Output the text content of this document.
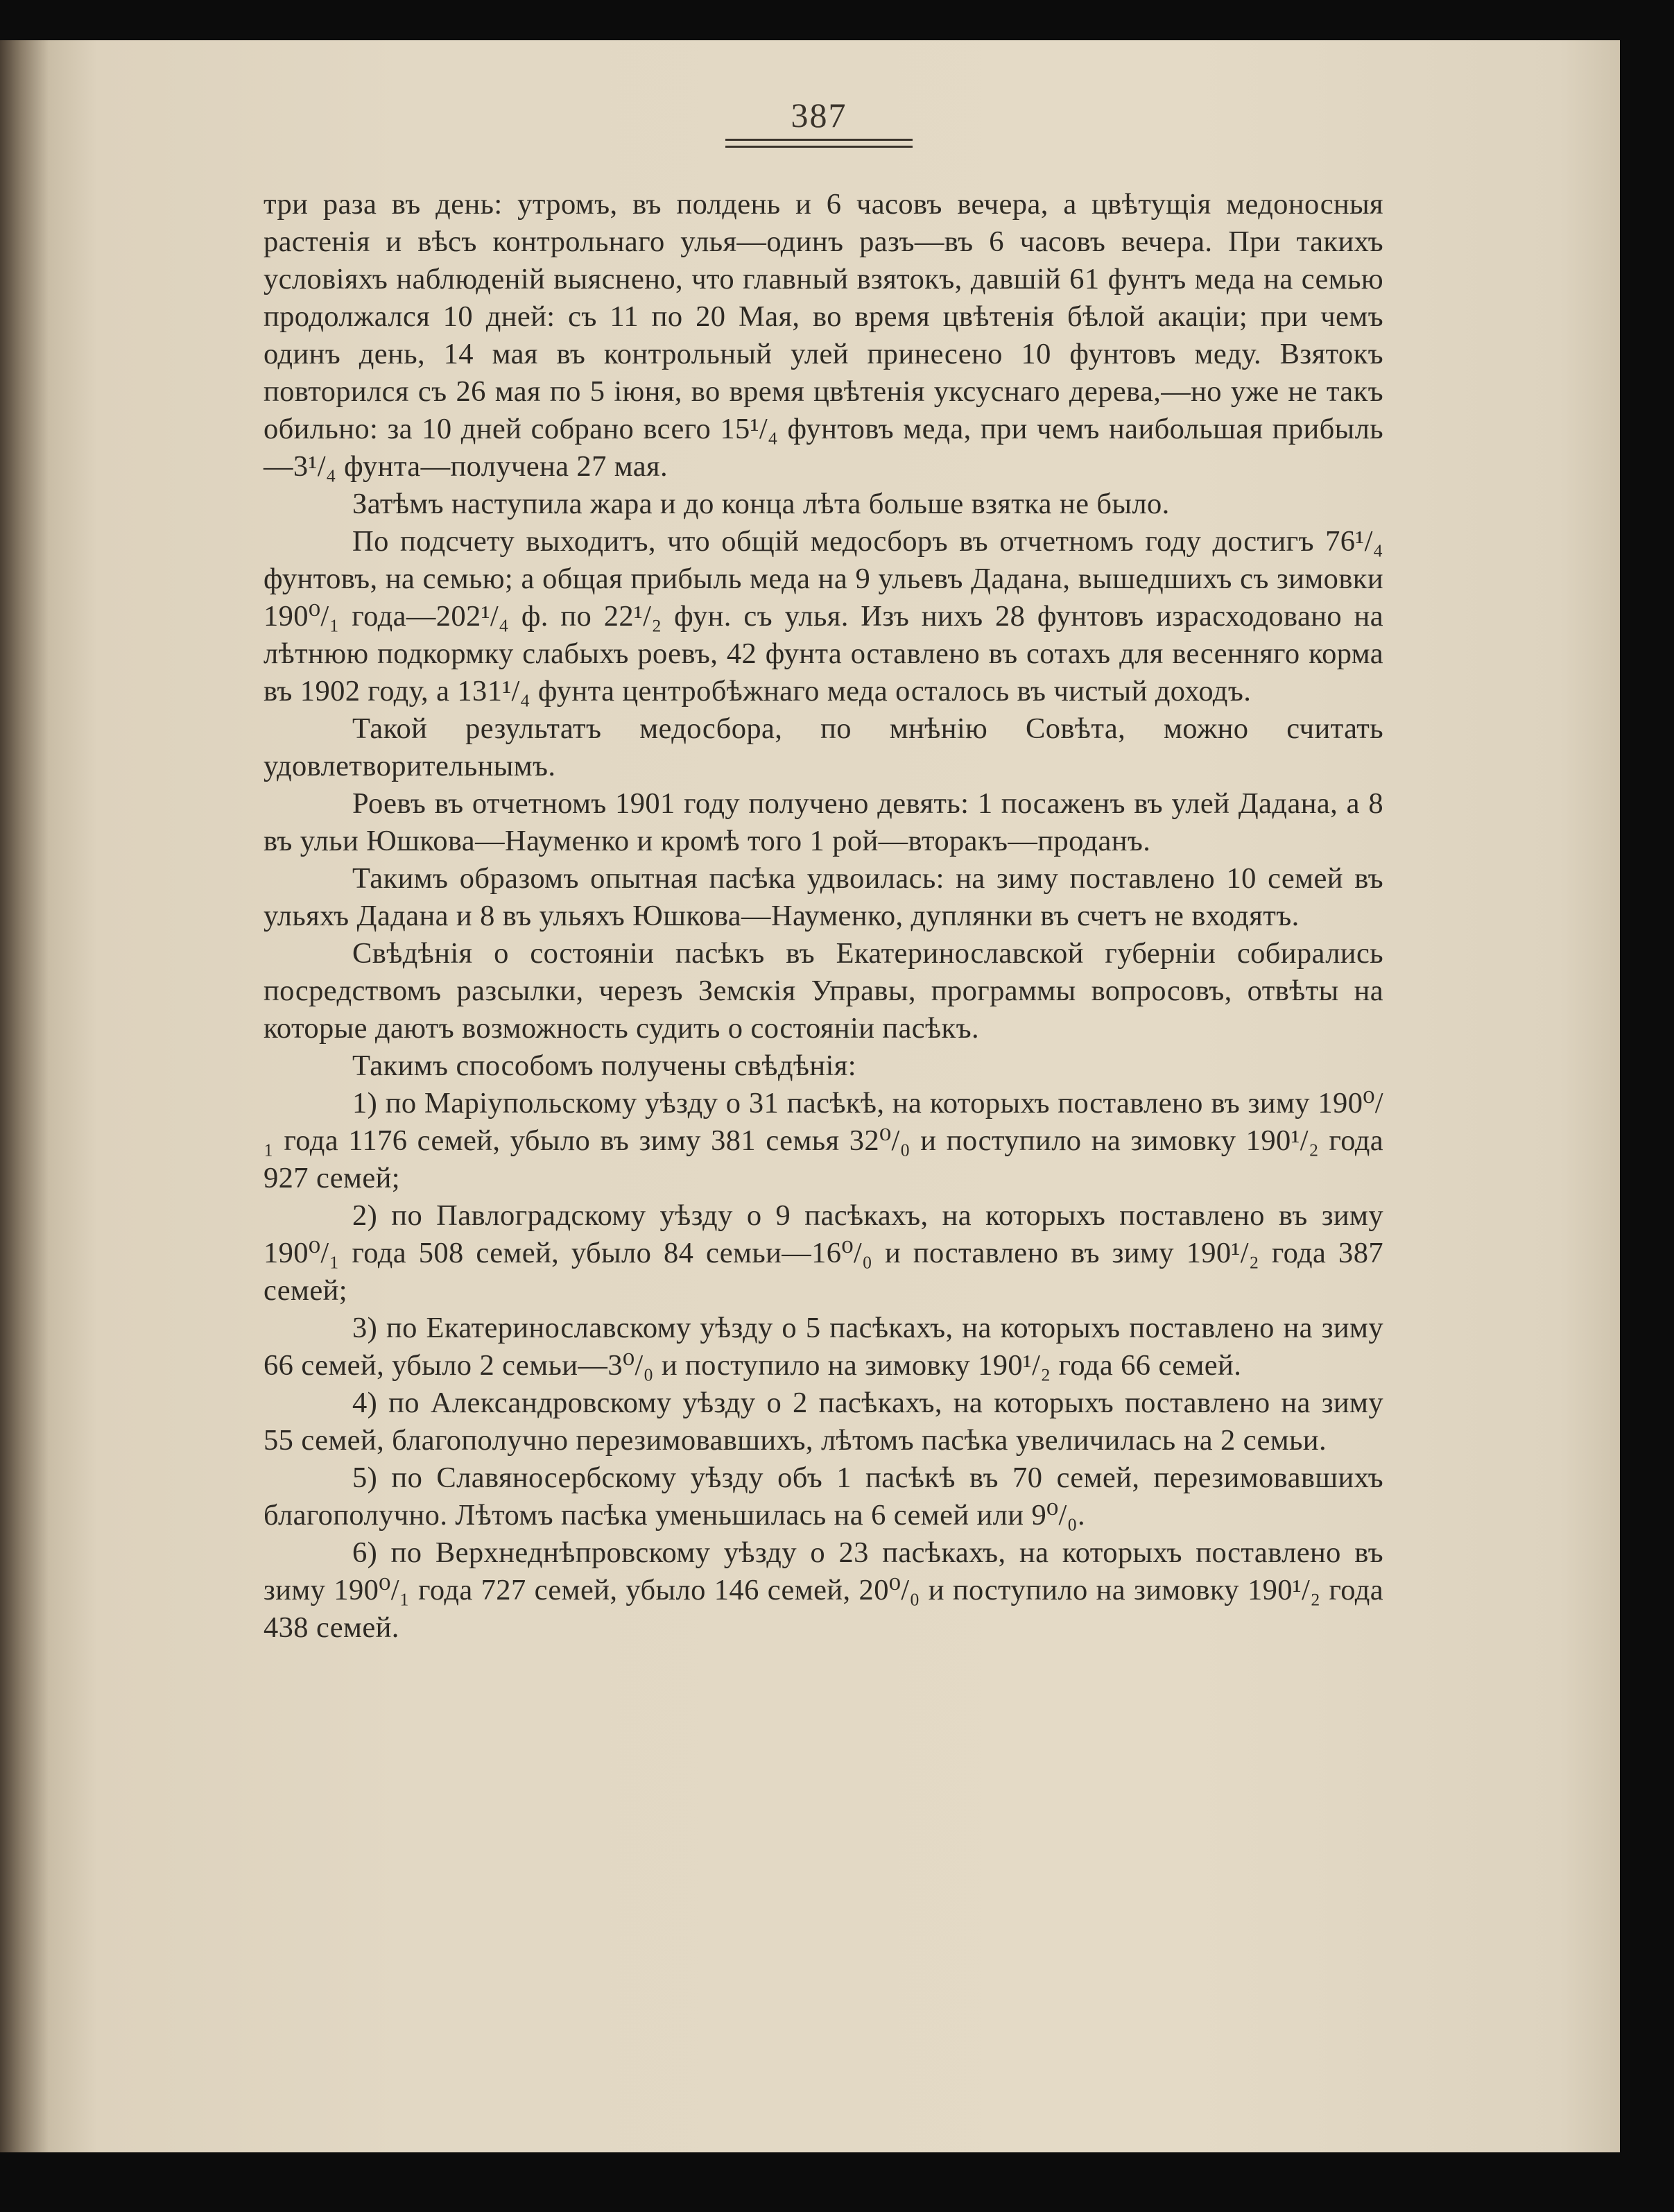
387

три раза въ день: утромъ, въ полдень и 6 часовъ вечера, а цвѣтущія медоносныя растенія и вѣсъ контрольнаго улья—одинъ разъ—въ 6 часовъ вечера. При такихъ условіяхъ наблюденій выяснено, что главный взятокъ, давшій 61 фунтъ меда на семью продолжался 10 дней: съ 11 по 20 Мая, во время цвѣтенія бѣлой акаціи; при чемъ одинъ день, 14 мая въ контрольный улей принесено 10 фунтовъ меду. Взятокъ повторился съ 26 мая по 5 іюня, во время цвѣтенія уксуснаго дерева,—но уже не такъ обильно: за 10 дней собрано всего 15¹/₄ фунтовъ меда, при чемъ наибольшая прибыль—3¹/₄ фунта—получена 27 мая.

Затѣмъ наступила жара и до конца лѣта больше взятка не было.

По подсчету выходитъ, что общій медосборъ въ отчетномъ году достигъ 76¹/₄ фунтовъ, на семью; а общая прибыль меда на 9 ульевъ Дадана, вышедшихъ съ зимовки 190⁰/₁ года—202¹/₄ ф. по 22¹/₂ фун. съ улья. Изъ нихъ 28 фунтовъ израсходовано на лѣтнюю подкормку слабыхъ роевъ, 42 фунта оставлено въ сотахъ для весенняго корма въ 1902 году, а 131¹/₄ фунта центробѣжнаго меда осталось въ чистый доходъ.

Такой результатъ медосбора, по мнѣнію Совѣта, можно считать удовлетворительнымъ.

Роевъ въ отчетномъ 1901 году получено девять: 1 посаженъ въ улей Дадана, а 8 въ ульи Юшкова—Науменко и кромѣ того 1 рой—вторакъ—проданъ.

Такимъ образомъ опытная пасѣка удвоилась: на зиму поставлено 10 семей въ ульяхъ Дадана и 8 въ ульяхъ Юшкова—Науменко, дуплянки въ счетъ не входятъ.

Свѣдѣнія о состояніи пасѣкъ въ Екатеринославской губерніи собирались посредствомъ разсылки, черезъ Земскія Управы, программы вопросовъ, отвѣты на которые даютъ возможность судить о состояніи пасѣкъ.

Такимъ способомъ получены свѣдѣнія:

1) по Маріупольскому уѣзду о 31 пасѣкѣ, на которыхъ поставлено въ зиму 190⁰/₁ года 1176 семей, убыло въ зиму 381 семья 32⁰/₀ и поступило на зимовку 190¹/₂ года 927 семей;

2) по Павлоградскому уѣзду о 9 пасѣкахъ, на которыхъ поставлено въ зиму 190⁰/₁ года 508 семей, убыло 84 семьи—16⁰/₀ и поставлено въ зиму 190¹/₂ года 387 семей;

3) по Екатеринославскому уѣзду о 5 пасѣкахъ, на которыхъ поставлено на зиму 66 семей, убыло 2 семьи—3⁰/₀ и поступило на зимовку 190¹/₂ года 66 семей.

4) по Александровскому уѣзду о 2 пасѣкахъ, на которыхъ поставлено на зиму 55 семей, благополучно перезимовавшихъ, лѣтомъ пасѣка увеличилась на 2 семьи.

5) по Славяносербскому уѣзду объ 1 пасѣкѣ въ 70 семей, перезимовавшихъ благополучно. Лѣтомъ пасѣка уменьшилась на 6 семей или 9⁰/₀.

6) по Верхнеднѣпровскому уѣзду о 23 пасѣкахъ, на которыхъ поставлено въ зиму 190⁰/₁ года 727 семей, убыло 146 семей, 20⁰/₀ и поступило на зимовку 190¹/₂ года 438 семей.
